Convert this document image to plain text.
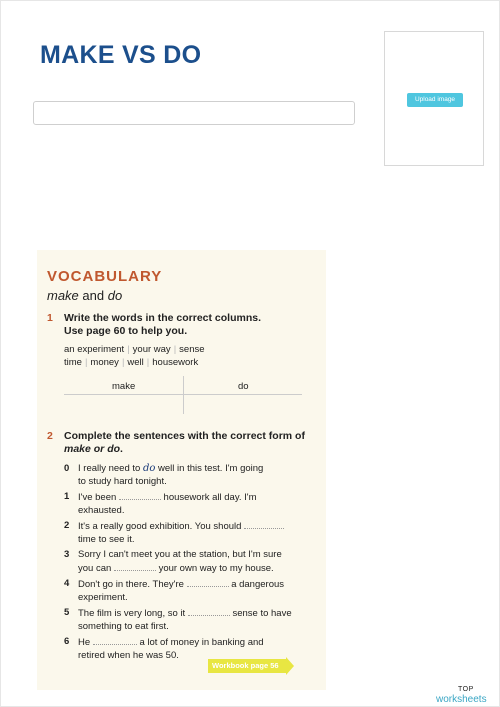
MAKE VS DO
Upload image
VOCABULARY
make and do
1 Write the words in the correct columns.
Use page 60 to help you.
an experiment | your way | sense
time | money | well | housework
make	do
2 Complete the sentences with the correct form of
make or do.
0 I really need to do well in this test. I'm going
to study hard tonight.
1 I've been	housework all day. I'm
exhausted.
2 It's a really good exhibition. You should
time to see it.
3 Sorry I can't meet you at the station, but I'm sure
you can	your own way to my house.
4 Don't go in there. They're	a dangerous
experiment.
5 The film is very long, so it	sense to have
something to eat first.
6 He	a lot of money in banking and
retired when he was 50.
Workbook page 56
TOP
worksheets
